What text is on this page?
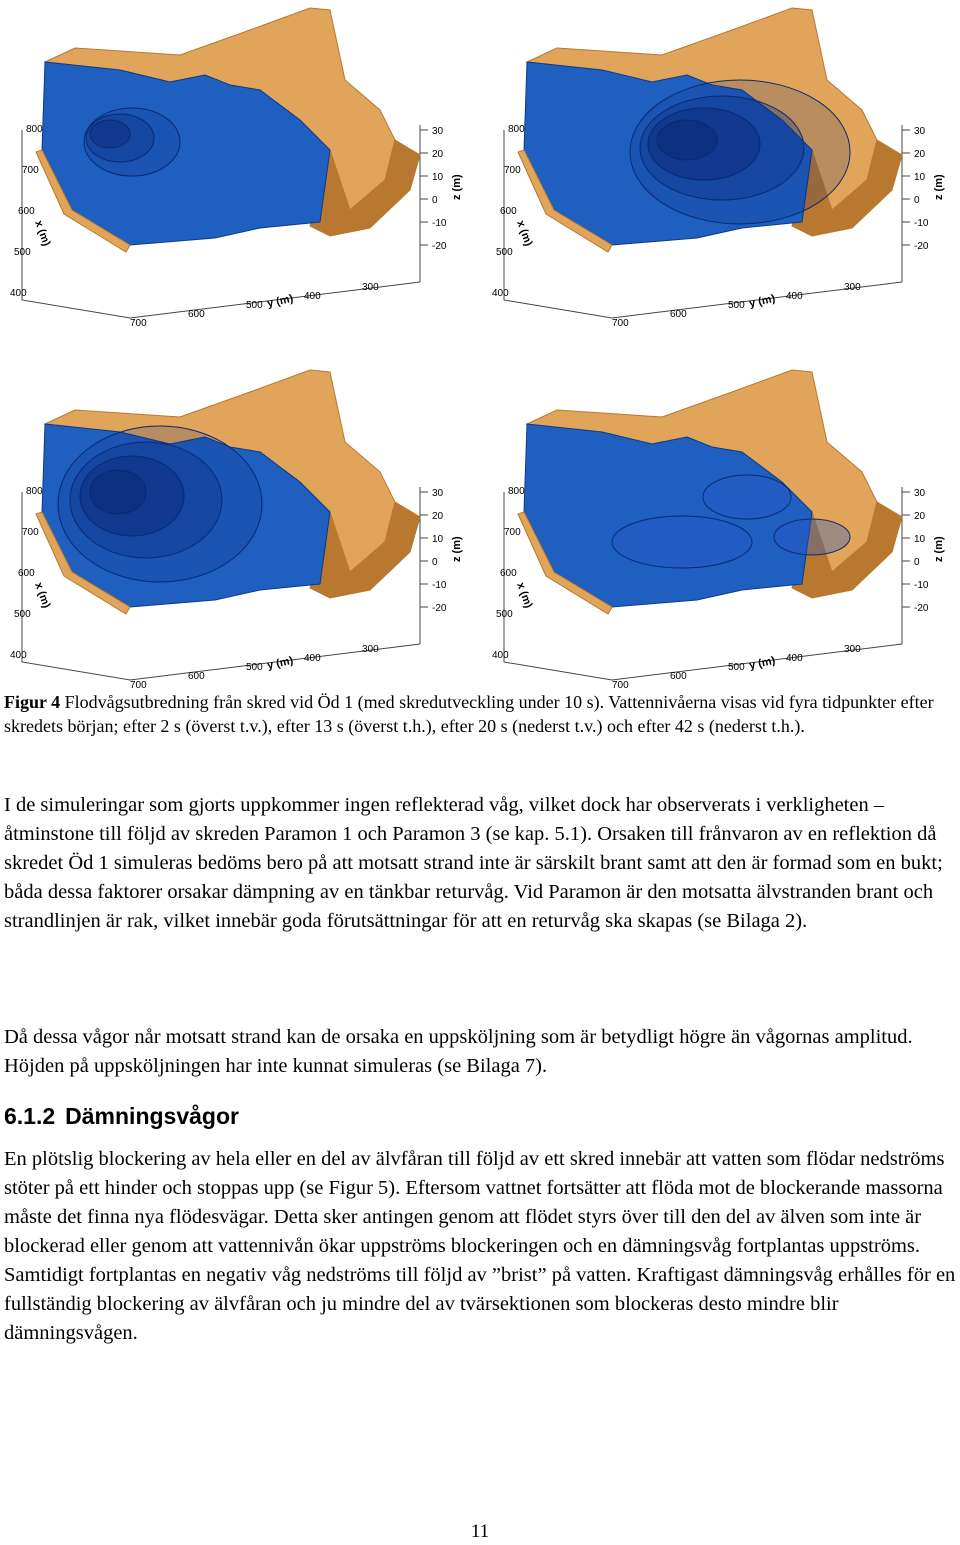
30
20
10
0
-10
-20
z (m)
800
700
600
500
400
x (m)
700
600
500
400
300
y (m)
30
20
10
0
-10
-20
z (m)
800
700
600
500
400
x (m)
700
600
500
400
300
y (m)
30
20
10
0
-10
-20
z (m)
800
700
600
500
400
x (m)
700
600
500
400
300
y (m)
30
20
10
0
-10
-20
z (m)
800
700
600
500
400
x (m)
700
600
500
400
300
y (m)
Figur 4 Flodvågsutbredning från skred vid Öd 1 (med skredutveckling under 10 s). Vattennivåerna visas vid fyra tidpunkter efter skredets början; efter 2 s (överst t.v.), efter 13 s (överst t.h.), efter 20 s (nederst t.v.) och efter 42 s (nederst t.h.).

I de simuleringar som gjorts uppkommer ingen reflekterad våg, vilket dock har observerats i verkligheten – åtminstone till följd av skreden Paramon 1 och Paramon 3 (se kap. 5.1). Orsaken till frånvaron av en reflektion då skredet Öd 1 simuleras bedöms bero på att motsatt strand inte är särskilt brant samt att den är formad som en bukt; båda dessa faktorer orsakar dämpning av en tänkbar returvåg. Vid Paramon är den motsatta älvstranden brant och strandlinjen är rak, vilket innebär goda förutsättningar för att en returvåg ska skapas (se Bilaga 2).

Då dessa vågor når motsatt strand kan de orsaka en uppsköljning som är betydligt högre än vågornas amplitud. Höjden på uppsköljningen har inte kunnat simuleras (se Bilaga 7).

6.1.2 Dämningsvågor

En plötslig blockering av hela eller en del av älvfåran till följd av ett skred innebär att vatten som flödar nedströms stöter på ett hinder och stoppas upp (se Figur 5). Eftersom vattnet fortsätter att flöda mot de blockerande massorna måste det finna nya flödesvägar. Detta sker antingen genom att flödet styrs över till den del av älven som inte är blockerad eller genom att vattennivån ökar uppströms blockeringen och en dämningsvåg fortplantas uppströms. Samtidigt fortplantas en negativ våg nedströms till följd av ”brist” på vatten. Kraftigast dämningsvåg erhålles för en fullständig blockering av älvfåran och ju mindre del av tvärsektionen som blockeras desto mindre blir dämningsvågen.

11
